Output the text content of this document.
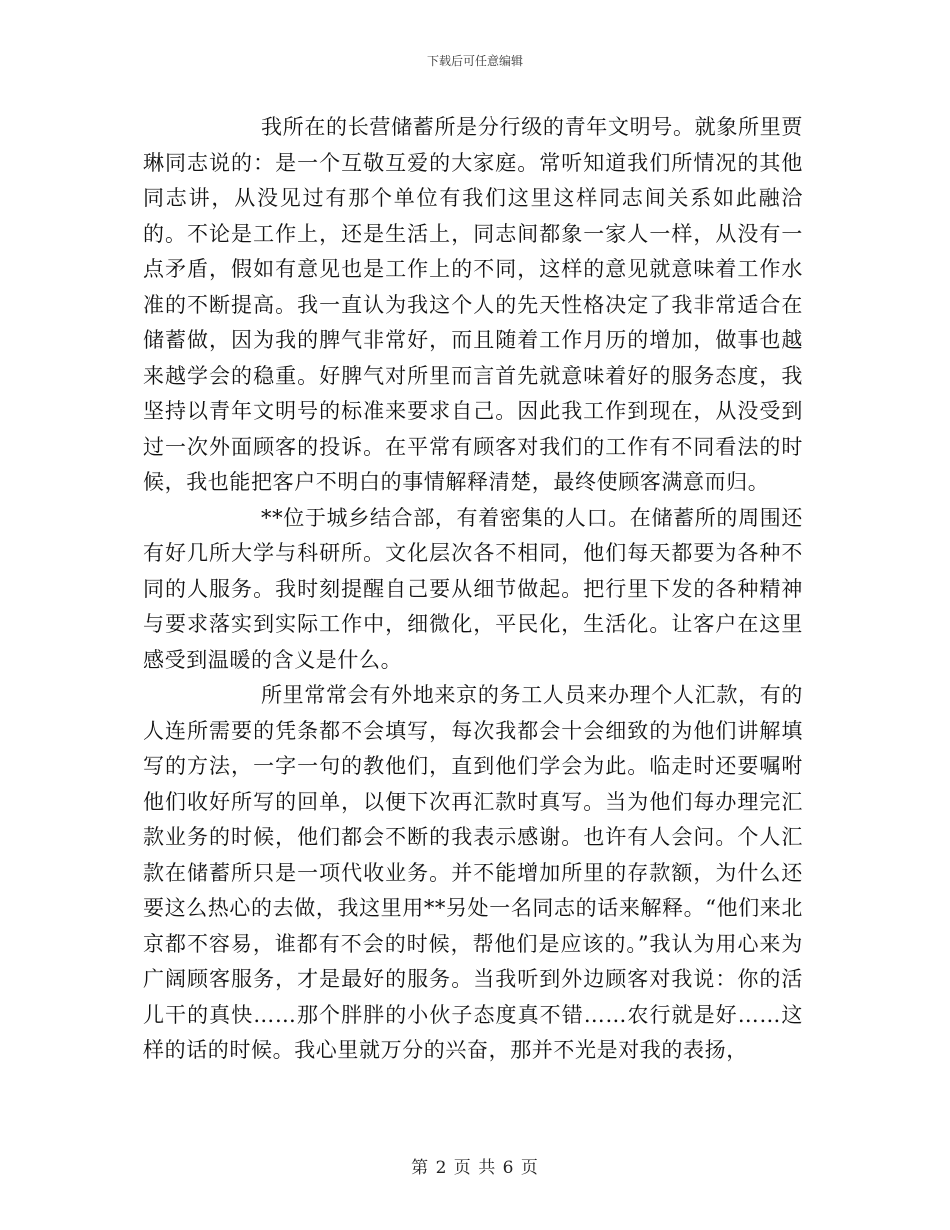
下载后可任意编辑

我所在的长营储蓄所是分行级的青年文明号。就象所里贾琳同志说的：是一个互敬互爱的大家庭。常听知道我们所情况的其他同志讲，从没见过有那个单位有我们这里这样同志间关系如此融洽的。不论是工作上，还是生活上，同志间都象一家人一样，从没有一点矛盾，假如有意见也是工作上的不同，这样的意见就意味着工作水准的不断提高。我一直认为我这个人的先天性格决定了我非常适合在储蓄做，因为我的脾气非常好，而且随着工作月历的增加，做事也越来越学会的稳重。好脾气对所里而言首先就意味着好的服务态度，我坚持以青年文明号的标准来要求自己。因此我工作到现在，从没受到过一次外面顾客的投诉。在平常有顾客对我们的工作有不同看法的时候，我也能把客户不明白的事情解释清楚，最终使顾客满意而归。

**位于城乡结合部，有着密集的人口。在储蓄所的周围还有好几所大学与科研所。文化层次各不相同，他们每天都要为各种不同的人服务。我时刻提醒自己要从细节做起。把行里下发的各种精神与要求落实到实际工作中，细微化，平民化，生活化。让客户在这里感受到温暖的含义是什么。

所里常常会有外地来京的务工人员来办理个人汇款，有的人连所需要的凭条都不会填写，每次我都会十会细致的为他们讲解填写的方法，一字一句的教他们，直到他们学会为此。临走时还要嘱咐他们收好所写的回单，以便下次再汇款时真写。当为他们每办理完汇款业务的时候，他们都会不断的我表示感谢。也许有人会问。个人汇款在储蓄所只是一项代收业务。并不能增加所里的存款额，为什么还要这么热心的去做，我这里用**另处一名同志的话来解释。“他们来北京都不容易，谁都有不会的时候，帮他们是应该的。”我认为用心来为广阔顾客服务，才是最好的服务。当我听到外边顾客对我说：你的活儿干的真快……那个胖胖的小伙子态度真不错……农行就是好……这样的话的时候。我心里就万分的兴奋，那并不光是对我的表扬，

第 2 页 共 6 页
